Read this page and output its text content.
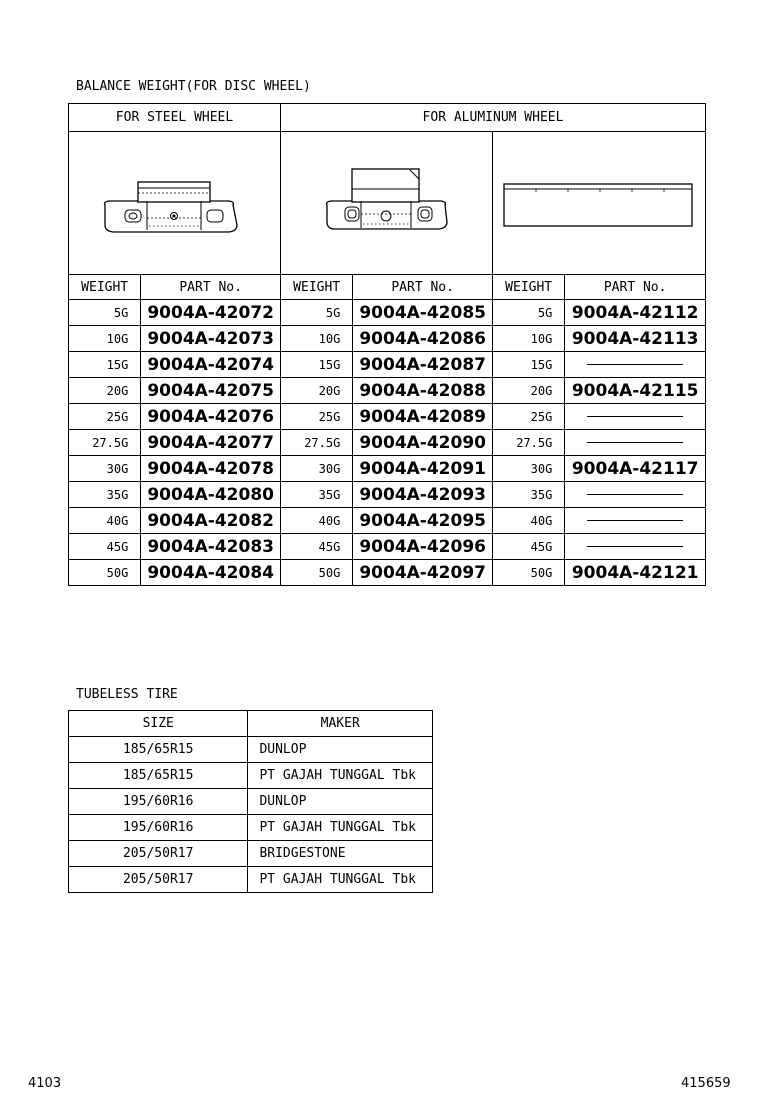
BALANCE WEIGHT(FOR DISC WHEEL)
FOR STEEL WHEEL		FOR ALUMINUM WHEEL			

WEIGHT	PART No.	WEIGHT	PART No.	WEIGHT	PART No.
5G	9004A-42072	5G	9004A-42085	5G	9004A-42112
10G	9004A-42073	10G	9004A-42086	10G	9004A-42113
15G	9004A-42074	15G	9004A-42087	15G	
20G	9004A-42075	20G	9004A-42088	20G	9004A-42115
25G	9004A-42076	25G	9004A-42089	25G	
27.5G	9004A-42077	27.5G	9004A-42090	27.5G	
30G	9004A-42078	30G	9004A-42091	30G	9004A-42117
35G	9004A-42080	35G	9004A-42093	35G	
40G	9004A-42082	40G	9004A-42095	40G	
45G	9004A-42083	45G	9004A-42096	45G	
50G	9004A-42084	50G	9004A-42097	50G	9004A-42121
TUBELESS TIRE
SIZE	MAKER
185/65R15	DUNLOP
185/65R15	PT GAJAH TUNGGAL Tbk
195/60R16	DUNLOP
195/60R16	PT GAJAH TUNGGAL Tbk
205/50R17	BRIDGESTONE
205/50R17	PT GAJAH TUNGGAL Tbk
4103	415659
